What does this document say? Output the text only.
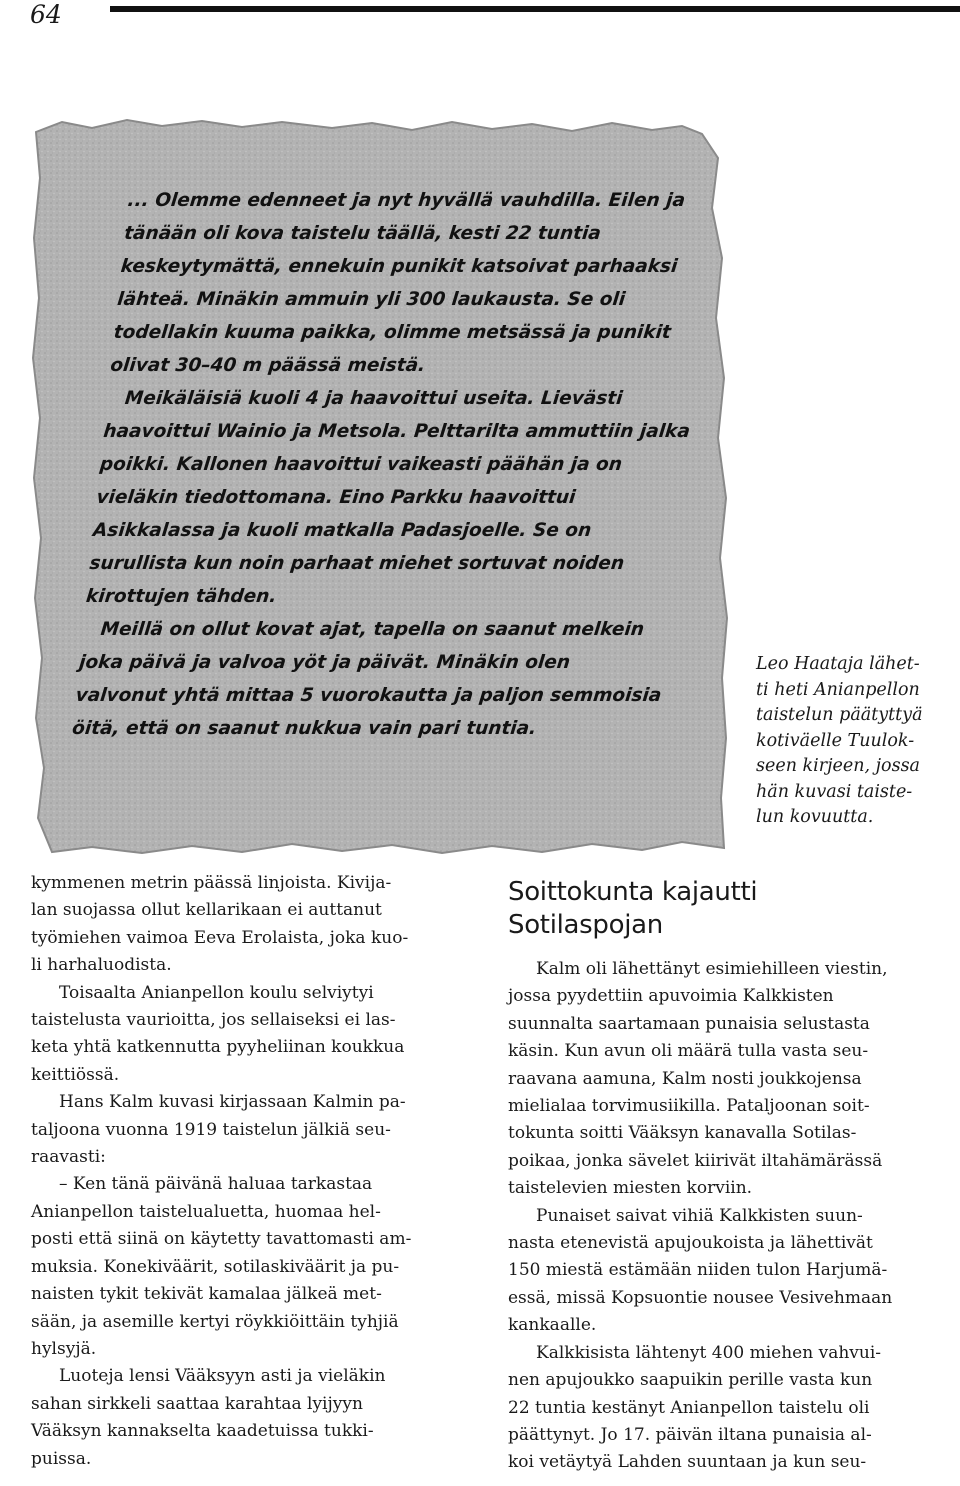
64
... Olemme edenneet ja nyt hyvällä vauhdilla. Eilen ja
tänään oli kova taistelu täällä, kesti 22 tuntia
keskeytymättä, ennekuin punikit katsoivat parhaaksi
lähteä. Minäkin ammuin yli 300 laukausta. Se oli
todellakin kuuma paikka, olimme metsässä ja punikit
olivat 30–40 m päässä meistä.
Meikäläisiä kuoli 4 ja haavoittui useita. Lievästi
haavoittui Wainio ja Metsola. Pelttarilta ammuttiin jalka
poikki. Kallonen haavoittui vaikeasti päähän ja on
vieläkin tiedottomana. Eino Parkku haavoittui
Asikkalassa ja kuoli matkalla Padasjoelle. Se on
surullista kun noin parhaat miehet sortuvat noiden
kirottujen tähden.
Meillä on ollut kovat ajat, tapella on saanut melkein
joka päivä ja valvoa yöt ja päivät. Minäkin olen
valvonut yhtä mittaa 5 vuorokautta ja paljon semmoisia
öitä, että on saanut nukkua vain pari tuntia.
Leo Haataja lähet-
ti heti Anianpellon
taistelun päätyttyä
kotiväelle Tuulok-
seen kirjeen, jossa
hän kuvasi taiste-
lun kovuutta.
kymmenen metrin päässä linjoista. Kivija-
lan suojassa ollut kellarikaan ei auttanut
työmiehen vaimoa Eeva Erolaista, joka kuo-
li harhaluodista.
Toisaalta Anianpellon koulu selviytyi
taistelusta vaurioitta, jos sellaiseksi ei las-
keta yhtä katkennutta pyyheliinan koukkua
keittiössä.
Hans Kalm kuvasi kirjassaan Kalmin pa-
taljoona vuonna 1919 taistelun jälkiä seu-
raavasti:
– Ken tänä päivänä haluaa tarkastaa
Anianpellon taistelualuetta, huomaa hel-
posti että siinä on käytetty tavattomasti am-
muksia. Konekiväärit, sotilaskiväärit ja pu-
naisten tykit tekivät kamalaa jälkeä met-
sään, ja asemille kertyi röykkiöittäin tyhjiä
hylsyjä.
Luoteja lensi Vääksyyn asti ja vieläkin
sahan sirkkeli saattaa karahtaa lyijyyn
Vääksyn kannakselta kaadetuissa tukki-
puissa.
Soittokunta kajautti
Sotilaspojan
Kalm oli lähettänyt esimiehilleen viestin,
jossa pyydettiin apuvoimia Kalkkisten
suunnalta saartamaan punaisia selustasta
käsin. Kun avun oli määrä tulla vasta seu-
raavana aamuna, Kalm nosti joukkojensa
mielialaa torvimusiikilla. Pataljoonan soit-
tokunta soitti Vääksyn kanavalla Sotilas-
poikaa, jonka sävelet kiirivät iltahämärässä
taistelevien miesten korviin.
Punaiset saivat vihiä Kalkkisten suun-
nasta etenevistä apujoukoista ja lähettivät
150 miestä estämään niiden tulon Harjumä-
essä, missä Kopsuontie nousee Vesivehmaan
kankaalle.
Kalkkisista lähtenyt 400 miehen vahvui-
nen apujoukko saapuikin perille vasta kun
22 tuntia kestänyt Anianpellon taistelu oli
päättynyt. Jo 17. päivän iltana punaisia al-
koi vetäytyä Lahden suuntaan ja kun seu-
